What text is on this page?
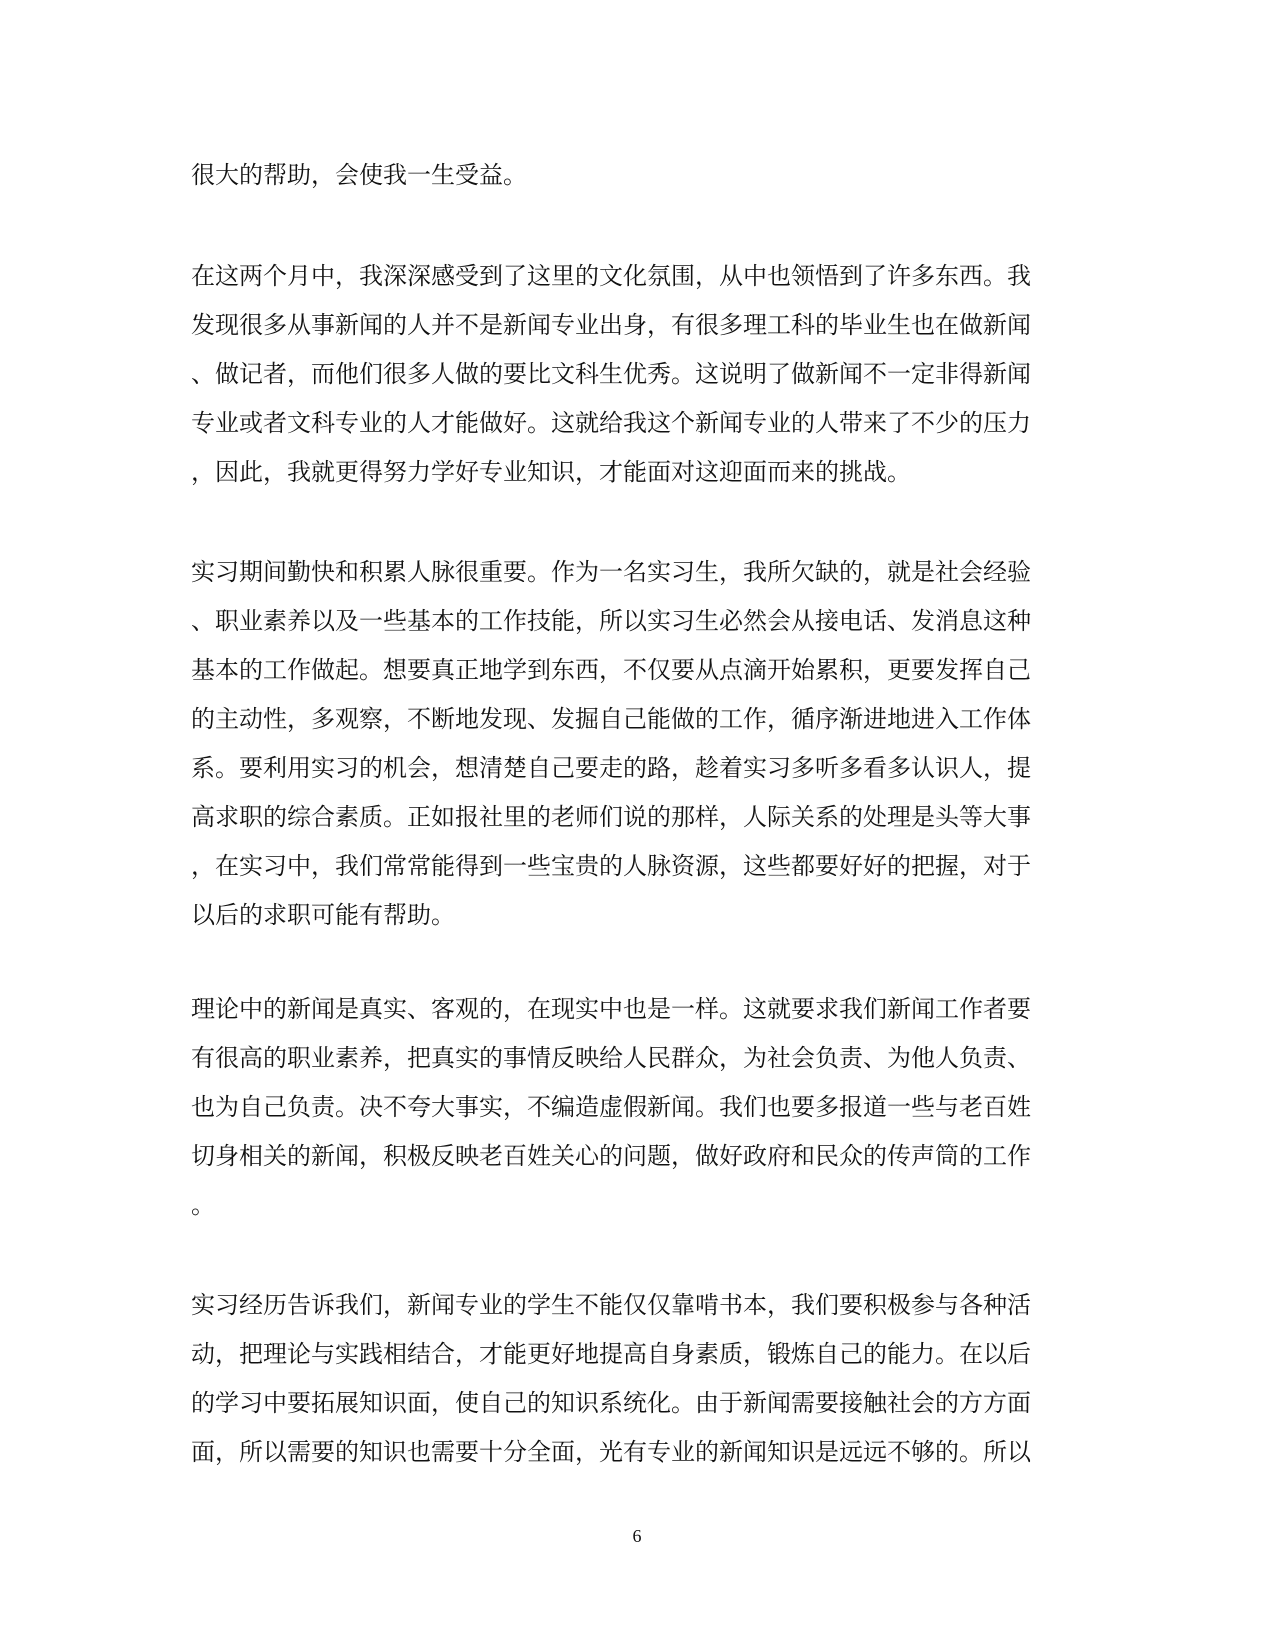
很大的帮助，会使我一生受益。
在这两个月中，我深深感受到了这里的文化氛围，从中也领悟到了许多东西。我
发现很多从事新闻的人并不是新闻专业出身，有很多理工科的毕业生也在做新闻
、做记者，而他们很多人做的要比文科生优秀。这说明了做新闻不一定非得新闻
专业或者文科专业的人才能做好。这就给我这个新闻专业的人带来了不少的压力
，因此，我就更得努力学好专业知识，才能面对这迎面而来的挑战。
实习期间勤快和积累人脉很重要。作为一名实习生，我所欠缺的，就是社会经验
、职业素养以及一些基本的工作技能，所以实习生必然会从接电话、发消息这种
基本的工作做起。想要真正地学到东西，不仅要从点滴开始累积，更要发挥自己
的主动性，多观察，不断地发现、发掘自己能做的工作，循序渐进地进入工作体
系。要利用实习的机会，想清楚自己要走的路，趁着实习多听多看多认识人，提
高求职的综合素质。正如报社里的老师们说的那样，人际关系的处理是头等大事
，在实习中，我们常常能得到一些宝贵的人脉资源，这些都要好好的把握，对于
以后的求职可能有帮助。
理论中的新闻是真实、客观的，在现实中也是一样。这就要求我们新闻工作者要
有很高的职业素养，把真实的事情反映给人民群众，为社会负责、为他人负责、
也为自己负责。决不夸大事实，不编造虚假新闻。我们也要多报道一些与老百姓
切身相关的新闻，积极反映老百姓关心的问题，做好政府和民众的传声筒的工作
。
实习经历告诉我们，新闻专业的学生不能仅仅靠啃书本，我们要积极参与各种活
动，把理论与实践相结合，才能更好地提高自身素质，锻炼自己的能力。在以后
的学习中要拓展知识面，使自己的知识系统化。由于新闻需要接触社会的方方面
面，所以需要的知识也需要十分全面，光有专业的新闻知识是远远不够的。所以
6
